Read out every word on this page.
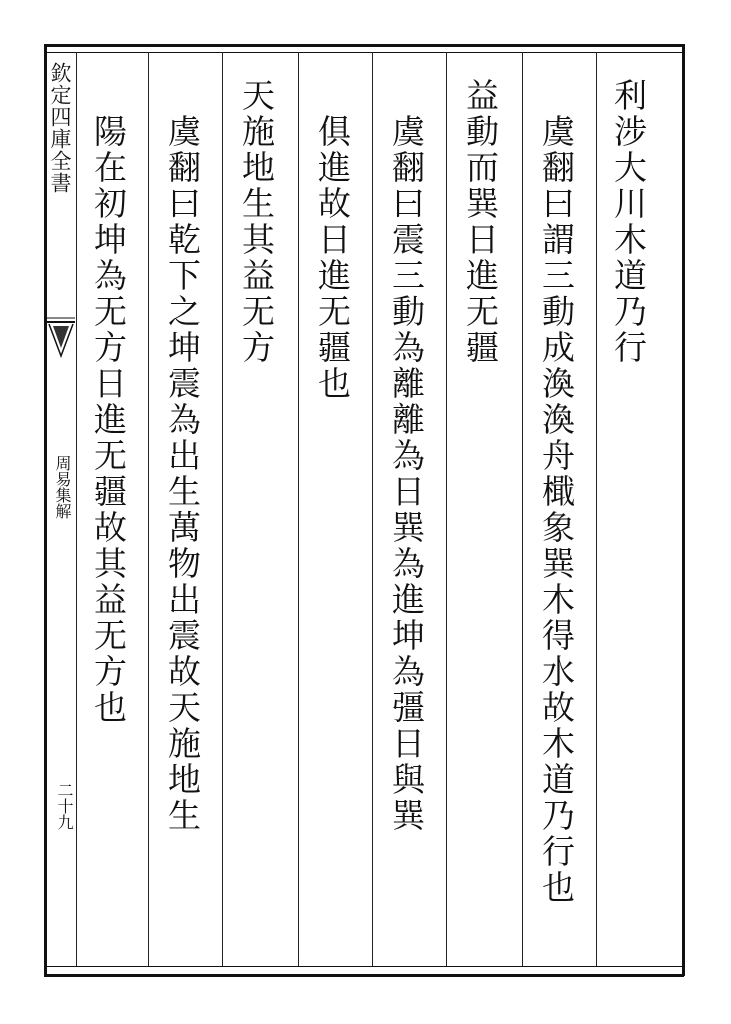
欽定四庫全書
周易集解
二十九
利涉大川木道乃行
虞翻曰謂三動成渙渙舟檝象巽木得水故木道乃行也
益動而巽日進无疆
虞翻曰震三動為離離為日巽為進坤為彊日與巽
俱進故日進无疆也
天施地生其益无方
虞翻曰乾下之坤震為出生萬物出震故天施地生
陽在初坤為无方日進无疆故其益无方也
